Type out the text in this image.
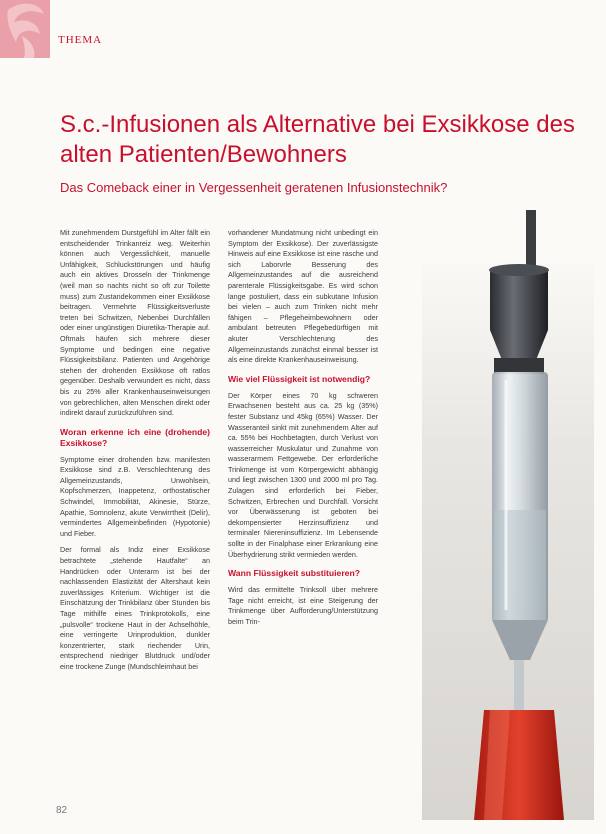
THEMA
S.c.-Infusionen als Alternative bei Exsikkose des alten Patienten/Bewohners

Das Comeback einer in Vergessenheit geratenen Infusionstechnik?

Mit zunehmendem Durstgefühl im Alter fällt ein entscheidender Trinkanreiz weg. Weiterhin können auch Vergesslichkeit, manuelle Unfähigkeit, Schluckstörungen und häufig auch ein aktives Drosseln der Trinkmenge (weil man so nachts nicht so oft zur Toilette muss) zum Zustandekommen einer Exsikkose beitragen. Vermehrte Flüssigkeitsverluste treten bei Schwitzen, Nebenbei Durchfällen oder einer ungünstigen Diuretika-Therapie auf. Oftmals häufen sich mehrere dieser Symptome und bedingen eine negative Flüssigkeitsbilanz. Patienten und Angehörige stehen der drohenden Exsikkose oft ratlos gegenüber. Deshalb verwundert es nicht, dass bis zu 25% aller Krankenhauseinweisungen von gebrechlichen, alten Menschen direkt oder indirekt darauf zurückzuführen sind.

Woran erkenne ich eine (drohende) Exsikkose?

Symptome einer drohenden bzw. manifesten Exsikkose sind z.B. Verschlechterung des Allgemeinzustands, Unwohlsein, Kopfschmerzen, Inappetenz, orthostatischer Schwindel, Immobilität, Akinesie, Stürze, Apathie, Somnolenz, akute Verwirrtheit (Delir), vermindertes Allgemeinbefinden (Hypotonie) und Fieber.

Der formal als Indiz einer Exsikkose betrachtete „stehende Hautfalte“ an Handrücken oder Unterarm ist bei der nachlassenden Elastizität der Altershaut kein zuverlässiges Kriterium. Wichtiger ist die Einschätzung der Trinkbilanz über Stunden bis Tage mithilfe eines Trinkprotokolls, eine „pulsvolle“ trockene Haut in der Achselhöhle, eine verringerte Urinproduktion, dunkler konzentrierter, stark riechender Urin, entsprechend niedriger Blutdruck und/oder eine trockene Zunge (Mundschleimhaut bei

vorhandener Mundatmung nicht unbedingt ein Symptom der Exsikkose). Der zuverlässigste Hinweis auf eine Exsikkose ist eine rasche und sich Laborvrle Besserung des Allgemeinzustandes auf die ausreichend parenterale Flüssigkeitsgabe. Es wird schon lange postuliert, dass ein subkutane Infusion bei vielen – auch zum Trinken nicht mehr fähigen – Pflegeheimbewohnern oder ambulant betreuten Pflegebedürftigen mit akuter Verschlechterung des Allgemeinzustands zunächst einmal besser ist als eine direkte Krankenhauseinweisung.

Wie viel Flüssigkeit ist notwendig?

Der Körper eines 70 kg schweren Erwachsenen besteht aus ca. 25 kg (35%) fester Substanz und 45kg (65%) Wasser. Der Wasseranteil sinkt mit zunehmendem Alter auf ca. 55% bei Hochbetagten, durch Verlust von wasserreicher Muskulatur und Zunahme von wasserarmem Fettgewebe. Der erforderliche Trinkmenge ist vom Körpergewicht abhängig und liegt zwischen 1300 und 2000 ml pro Tag. Zulagen sind erforderlich bei Fieber, Schwitzen, Erbrechen und Durchfall. Vorsicht vor Überwässerung ist geboten bei dekompensierter Herzinsuffizienz und terminaler Niereninsuffizienz. Im Lebensende sollte in der Finalphase einer Erkrankung eine Überhydrierung strikt vermieden werden.

Wann Flüssigkeit substituieren?

Wird das ermittelte Trinksoll über mehrere Tage nicht erreicht, ist eine Steigerung der Trinkmenge über Aufforderung/Unterstützung beim Trin-

82
